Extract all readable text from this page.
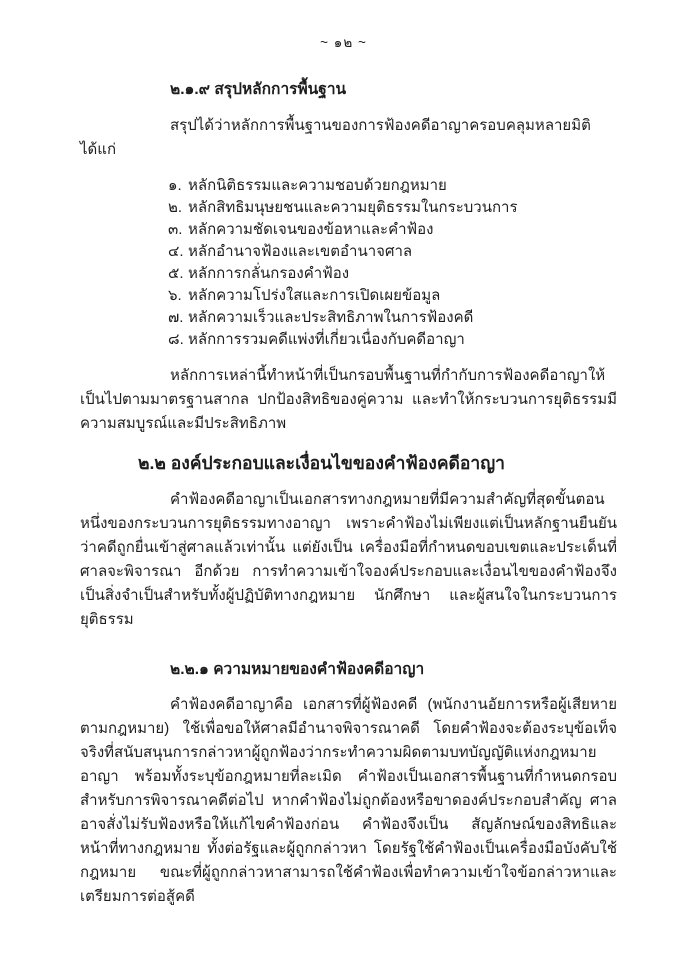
~ ๑๒ ~
๒.๑.๙ สรุปหลักการพื้นฐาน

สรุปได้ว่าหลักการพื้นฐานของการฟ้องคดีอาญาครอบคลุมหลายมิติ ได้แก่

๑. หลักนิติธรรมและความชอบด้วยกฎหมาย
๒. หลักสิทธิมนุษยชนและความยุติธรรมในกระบวนการ
๓. หลักความชัดเจนของข้อหาและคำฟ้อง
๔. หลักอำนาจฟ้องและเขตอำนาจศาล
๕. หลักการกลั่นกรองคำฟ้อง
๖. หลักความโปร่งใสและการเปิดเผยข้อมูล
๗. หลักความเร็วและประสิทธิภาพในการฟ้องคดี
๘. หลักการรวมคดีแพ่งที่เกี่ยวเนื่องกับคดีอาญา

หลักการเหล่านี้ทำหน้าที่เป็นกรอบพื้นฐานที่กำกับการฟ้องคดีอาญาให้เป็นไปตามมาตรฐานสากล ปกป้องสิทธิของคู่ความ และทำให้กระบวนการยุติธรรมมีความสมบูรณ์และมีประสิทธิภาพ

๒.๒ องค์ประกอบและเงื่อนไขของคำฟ้องคดีอาญา

คำฟ้องคดีอาญาเป็นเอกสารทางกฎหมายที่มีความสำคัญที่สุดขั้นตอนหนึ่งของกระบวนการยุติธรรมทางอาญา เพราะคำฟ้องไม่เพียงแต่เป็นหลักฐานยืนยันว่าคดีถูกยื่นเข้าสู่ศาลแล้วเท่านั้น แต่ยังเป็น เครื่องมือที่กำหนดขอบเขตและประเด็นที่ศาลจะพิจารณา อีกด้วย การทำความเข้าใจองค์ประกอบและเงื่อนไขของคำฟ้องจึงเป็นสิ่งจำเป็นสำหรับทั้งผู้ปฏิบัติทางกฎหมาย นักศึกษา และผู้สนใจในกระบวนการยุติธรรม

๒.๒.๑ ความหมายของคำฟ้องคดีอาญา

คำฟ้องคดีอาญาคือ เอกสารที่ผู้ฟ้องคดี (พนักงานอัยการหรือผู้เสียหายตามกฎหมาย) ใช้เพื่อขอให้ศาลมีอำนาจพิจารณาคดี โดยคำฟ้องจะต้องระบุข้อเท็จจริงที่สนับสนุนการกล่าวหาผู้ถูกฟ้องว่ากระทำความผิดตามบทบัญญัติแห่งกฎหมายอาญา พร้อมทั้งระบุข้อกฎหมายที่ละเมิด คำฟ้องเป็นเอกสารพื้นฐานที่กำหนดกรอบสำหรับการพิจารณาคดีต่อไป หากคำฟ้องไม่ถูกต้องหรือขาดองค์ประกอบสำคัญ ศาลอาจสั่งไม่รับฟ้องหรือให้แก้ไขคำฟ้องก่อน คำฟ้องจึงเป็น สัญลักษณ์ของสิทธิและหน้าที่ทางกฎหมาย ทั้งต่อรัฐและผู้ถูกกล่าวหา โดยรัฐใช้คำฟ้องเป็นเครื่องมือบังคับใช้กฎหมาย ขณะที่ผู้ถูกกล่าวหาสามารถใช้คำฟ้องเพื่อทำความเข้าใจข้อกล่าวหาและเตรียมการต่อสู้คดี
